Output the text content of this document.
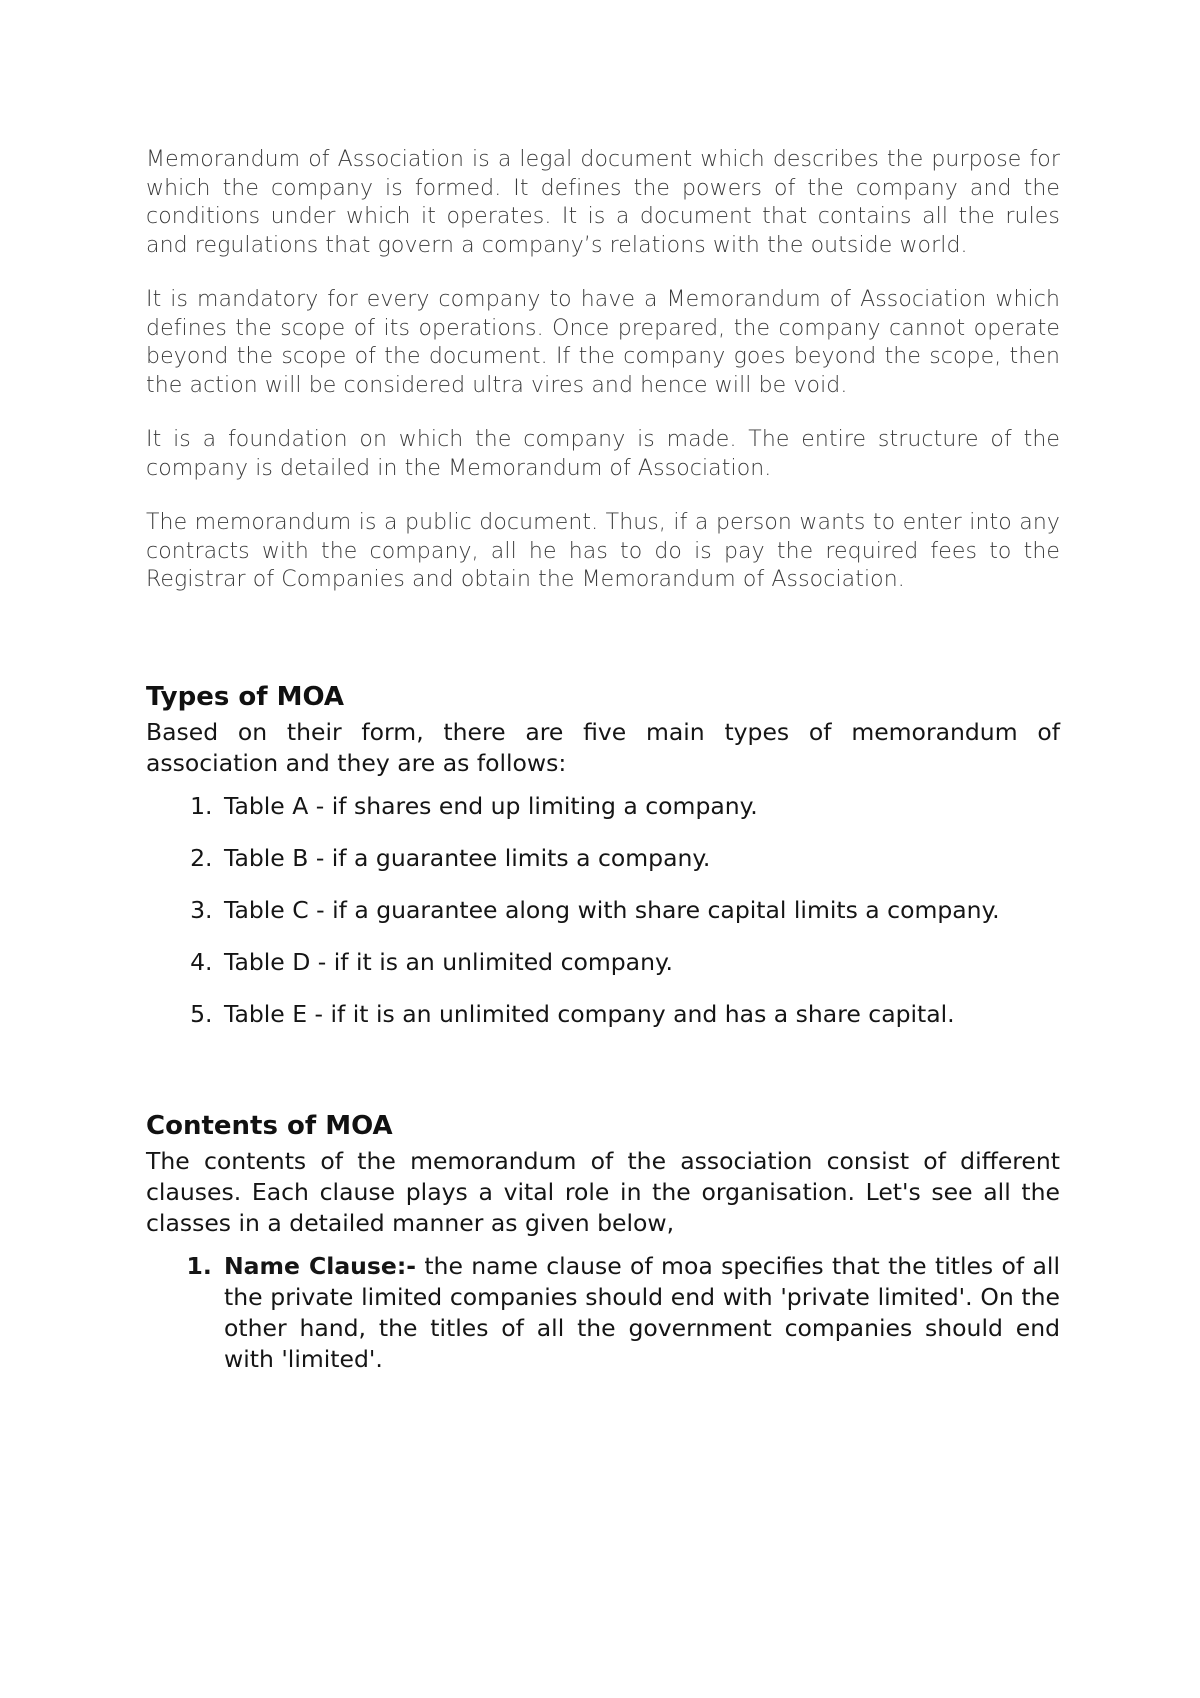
Memorandum of Association is a legal document which describes the purpose for which the company is formed. It defines the powers of the company and the conditions under which it operates. It is a document that contains all the rules and regulations that govern a company’s relations with the outside world.

It is mandatory for every company to have a Memorandum of Association which defines the scope of its operations. Once prepared, the company cannot operate beyond the scope of the document. If the company goes beyond the scope, then the action will be considered ultra vires and hence will be void.

It is a foundation on which the company is made. The entire structure of the company is detailed in the Memorandum of Association.

The memorandum is a public document. Thus, if a person wants to enter into any contracts with the company, all he has to do is pay the required fees to the Registrar of Companies and obtain the Memorandum of Association.

Types of MOA

Based on their form, there are five main types of memorandum of association and they are as follows:

1. Table A - if shares end up limiting a company.
2. Table B - if a guarantee limits a company.
3. Table C - if a guarantee along with share capital limits a company.
4. Table D - if it is an unlimited company.
5. Table E - if it is an unlimited company and has a share capital.
Contents of MOA

The contents of the memorandum of the association consist of different clauses. Each clause plays a vital role in the organisation. Let's see all the classes in a detailed manner as given below,

1. Name Clause:- the name clause of moa specifies that the titles of all the private limited companies should end with 'private limited'. On the other hand, the titles of all the government companies should end with 'limited'.
